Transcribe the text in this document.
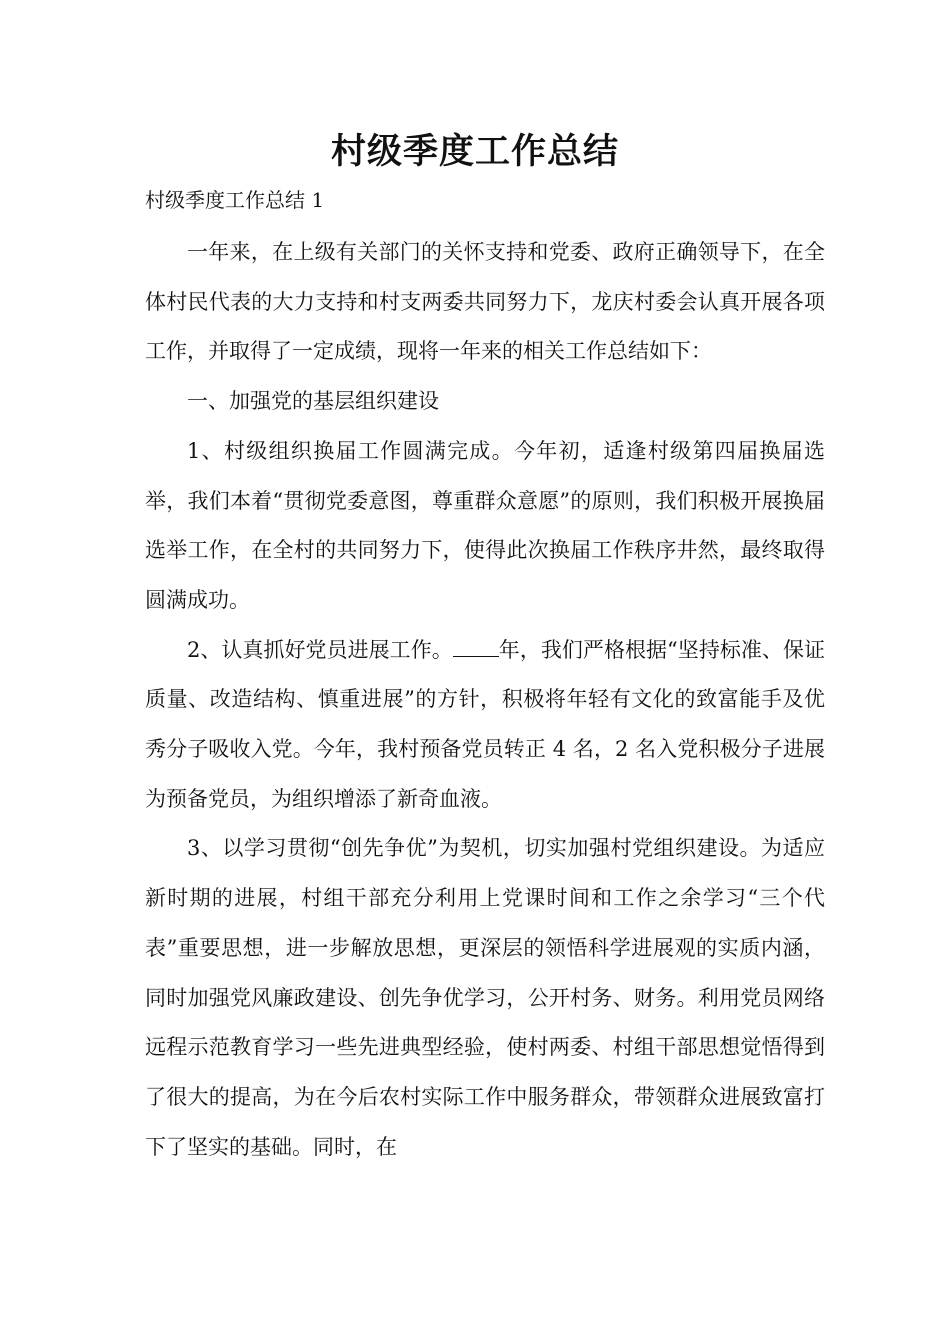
村级季度工作总结
村级季度工作总结 1

一年来，在上级有关部门的关怀支持和党委、政府正确领导下，在全体村民代表的大力支持和村支两委共同努力下，龙庆村委会认真开展各项工作，并取得了一定成绩，现将一年来的相关工作总结如下：

一、加强党的基层组织建设

1、村级组织换届工作圆满完成。今年初，适逢村级第四届换届选举，我们本着“贯彻党委意图，尊重群众意愿”的原则，我们积极开展换届选举工作，在全村的共同努力下，使得此次换届工作秩序井然，最终取得圆满成功。

2、认真抓好党员进展工作。 年，我们严格根据“坚持标准、保证质量、改造结构、慎重进展”的方针，积极将年轻有文化的致富能手及优秀分子吸收入党。今年，我村预备党员转正 4 名，2 名入党积极分子进展为预备党员，为组织增添了新奇血液。

3、以学习贯彻“创先争优”为契机，切实加强村党组织建设。为适应新时期的进展，村组干部充分利用上党课时间和工作之余学习“三个代表”重要思想，进一步解放思想，更深层的领悟科学进展观的实质内涵，同时加强党风廉政建设、创先争优学习，公开村务、财务。利用党员网络远程示范教育学习一些先进典型经验，使村两委、村组干部思想觉悟得到了很大的提高，为在今后农村实际工作中服务群众，带领群众进展致富打下了坚实的基础。同时，在
